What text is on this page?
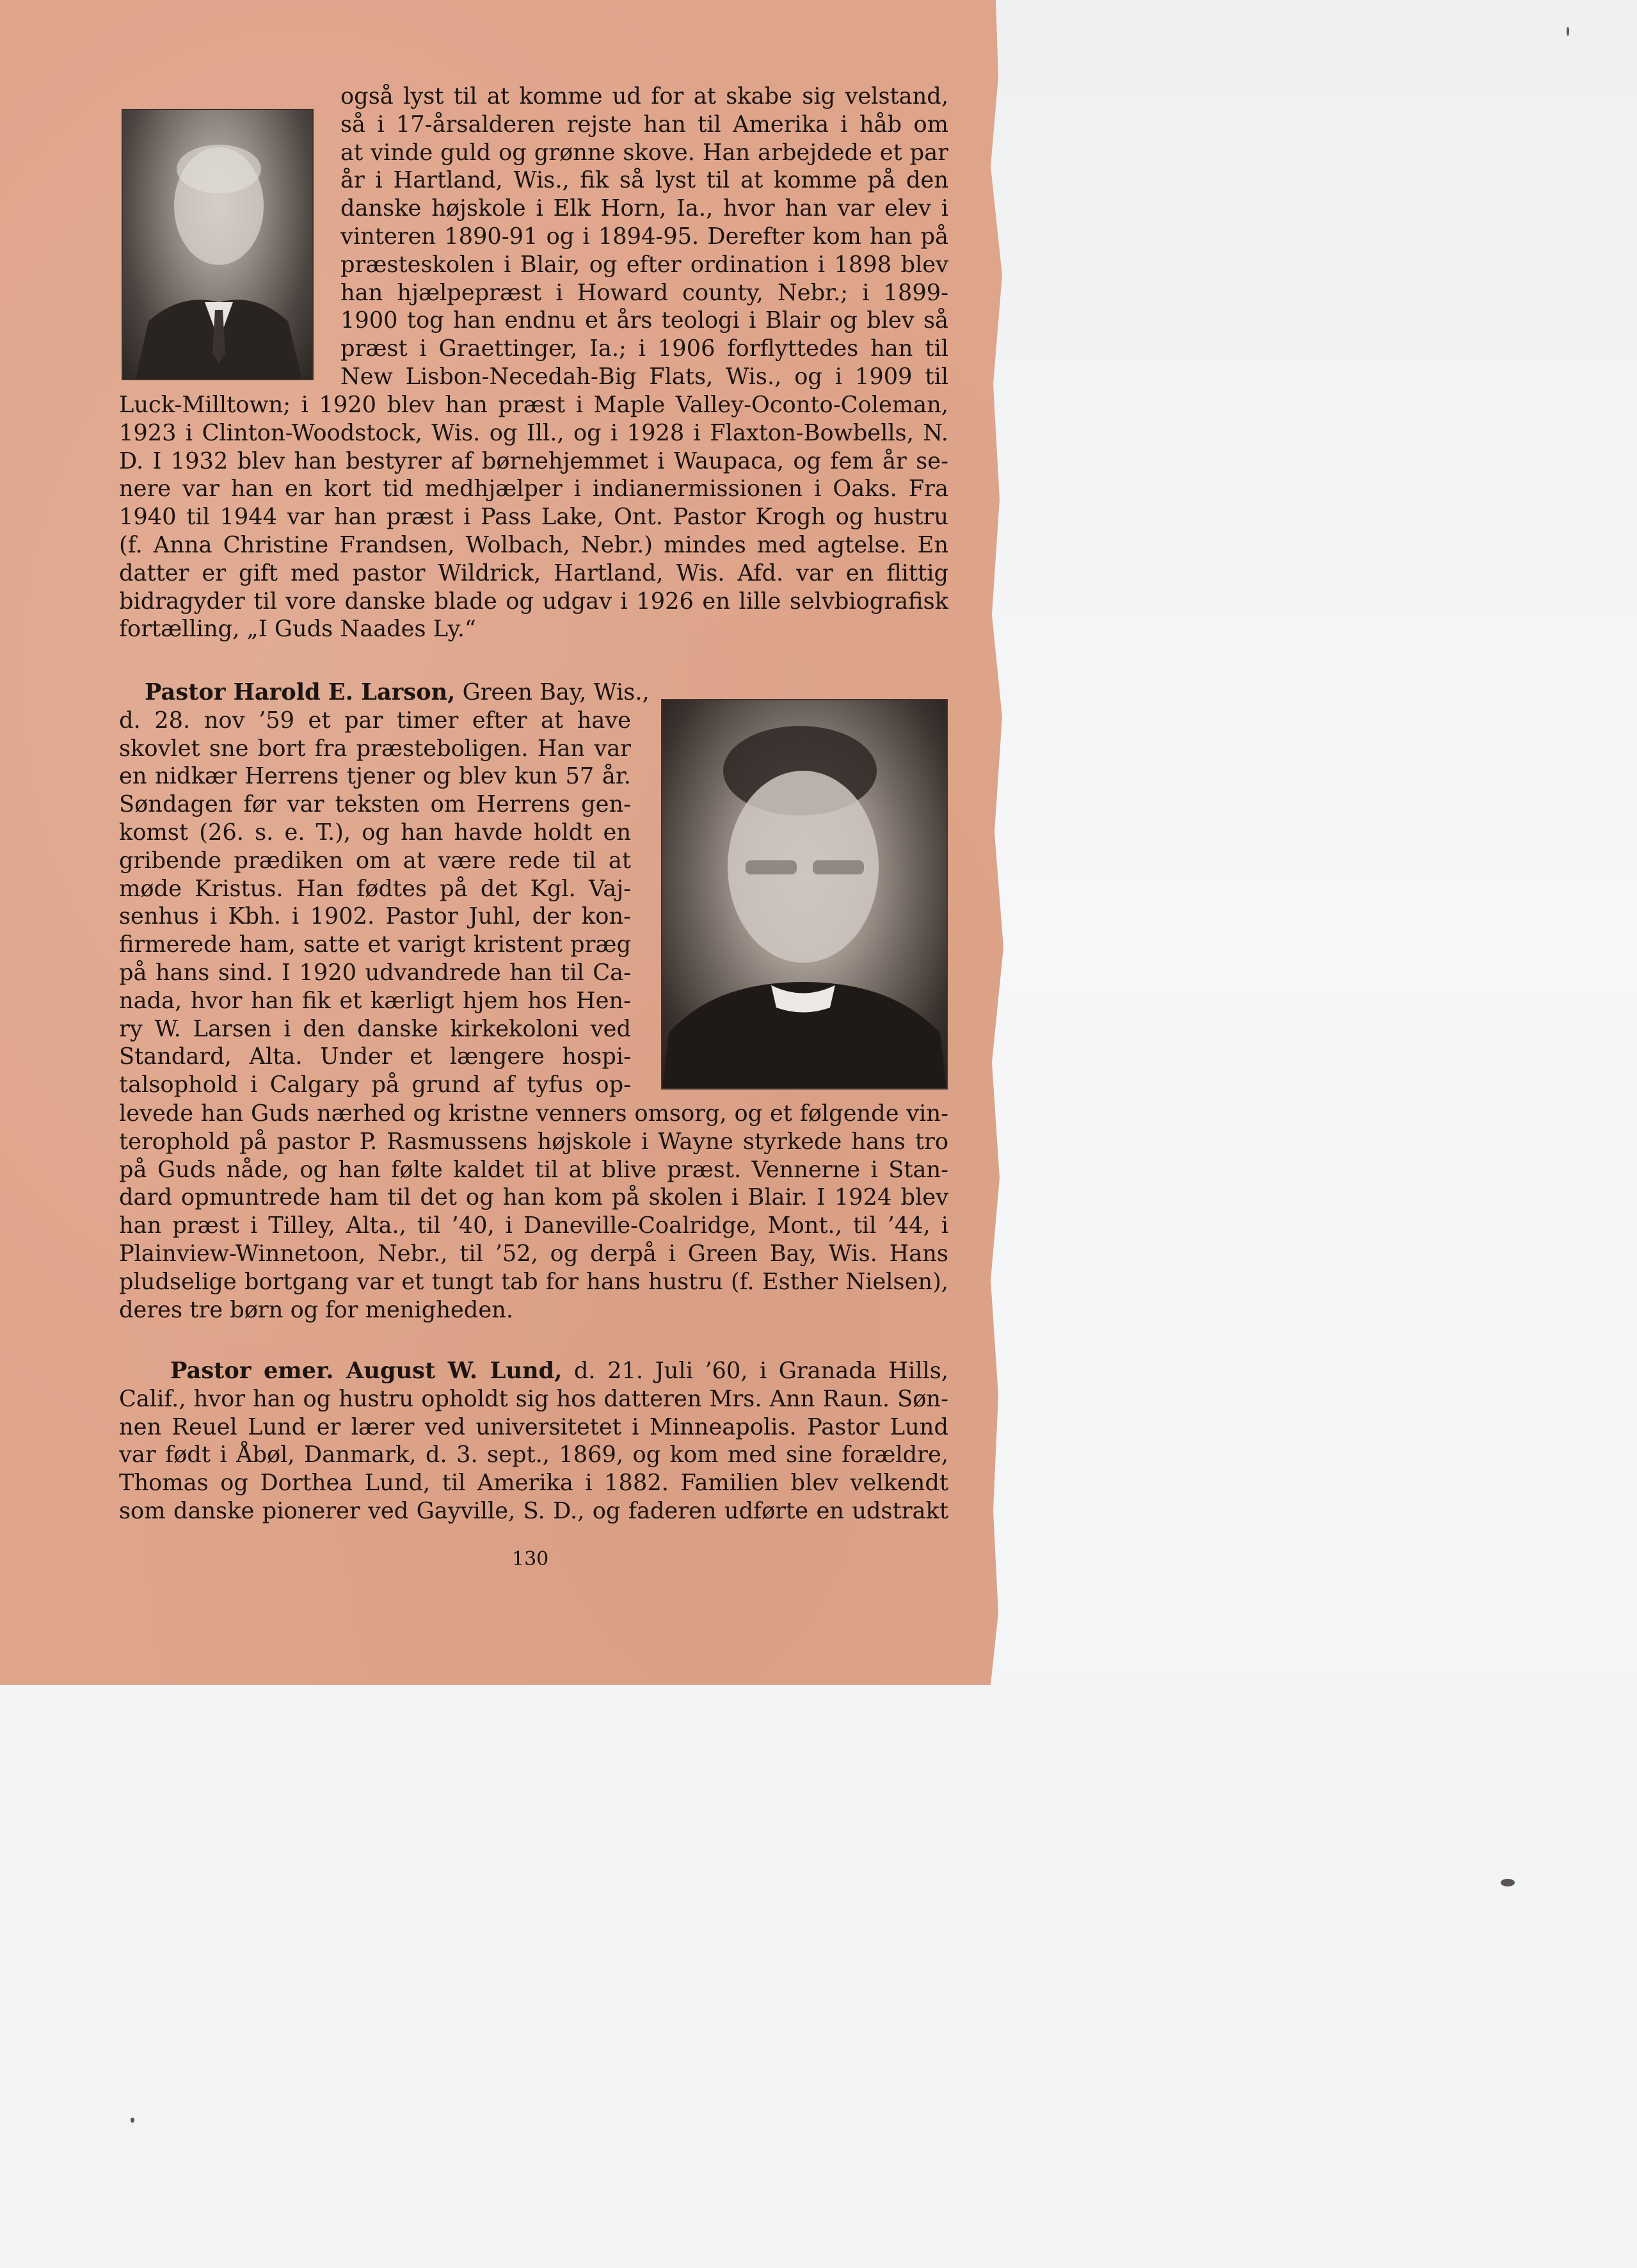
også lyst til at komme ud for at skabe sig velstand,
så i 17-årsalderen rejste han til Amerika i håb om
at vinde guld og grønne skove. Han arbejdede et par
år i Hartland, Wis., fik så lyst til at komme på den
danske højskole i Elk Horn, Ia., hvor han var elev i
vinteren 1890-91 og i 1894-95. Derefter kom han på
præsteskolen i Blair, og efter ordination i 1898 blev
han hjælpepræst i Howard county, Nebr.; i 1899-
1900 tog han endnu et års teologi i Blair og blev så
præst i Graettinger, Ia.; i 1906 forflyttedes han til
New Lisbon-Necedah-Big Flats, Wis., og i 1909 til
Luck-Milltown; i 1920 blev han præst i Maple Valley-Oconto-Coleman,
1923 i Clinton-Woodstock, Wis. og Ill., og i 1928 i Flaxton-Bowbells, N.
D. I 1932 blev han bestyrer af børnehjemmet i Waupaca, og fem år se-
nere var han en kort tid medhjælper i indianermissionen i Oaks. Fra
1940 til 1944 var han præst i Pass Lake, Ont. Pastor Krogh og hustru
(f. Anna Christine Frandsen, Wolbach, Nebr.) mindes med agtelse. En
datter er gift med pastor Wildrick, Hartland, Wis. Afd. var en flittig
bidragyder til vore danske blade og udgav i 1926 en lille selvbiografisk
fortælling, „I Guds Naades Ly.“
Pastor Harold E. Larson, Green Bay, Wis.,
d. 28. nov ’59 et par timer efter at have
skovlet sne bort fra præsteboligen. Han var
en nidkær Herrens tjener og blev kun 57 år.
Søndagen før var teksten om Herrens gen-
komst (26. s. e. T.), og han havde holdt en
gribende prædiken om at være rede til at
møde Kristus. Han fødtes på det Kgl. Vaj-
senhus i Kbh. i 1902. Pastor Juhl, der kon-
firmerede ham, satte et varigt kristent præg
på hans sind. I 1920 udvandrede han til Ca-
nada, hvor han fik et kærligt hjem hos Hen-
ry W. Larsen i den danske kirkekoloni ved
Standard, Alta. Under et længere hospi-
talsophold i Calgary på grund af tyfus op-
levede han Guds nærhed og kristne venners omsorg, og et følgende vin-
terophold på pastor P. Rasmussens højskole i Wayne styrkede hans tro
på Guds nåde, og han følte kaldet til at blive præst. Vennerne i Stan-
dard opmuntrede ham til det og han kom på skolen i Blair. I 1924 blev
han præst i Tilley, Alta., til ’40, i Daneville-Coalridge, Mont., til ’44, i
Plainview-Winnetoon, Nebr., til ’52, og derpå i Green Bay, Wis. Hans
pludselige bortgang var et tungt tab for hans hustru (f. Esther Nielsen),
deres tre børn og for menigheden.
Pastor emer. August W. Lund, d. 21. Juli ’60, i Granada Hills,
Calif., hvor han og hustru opholdt sig hos datteren Mrs. Ann Raun. Søn-
nen Reuel Lund er lærer ved universitetet i Minneapolis. Pastor Lund
var født i Åbøl, Danmark, d. 3. sept., 1869, og kom med sine forældre,
Thomas og Dorthea Lund, til Amerika i 1882. Familien blev velkendt
som danske pionerer ved Gayville, S. D., og faderen udførte en udstrakt
130
